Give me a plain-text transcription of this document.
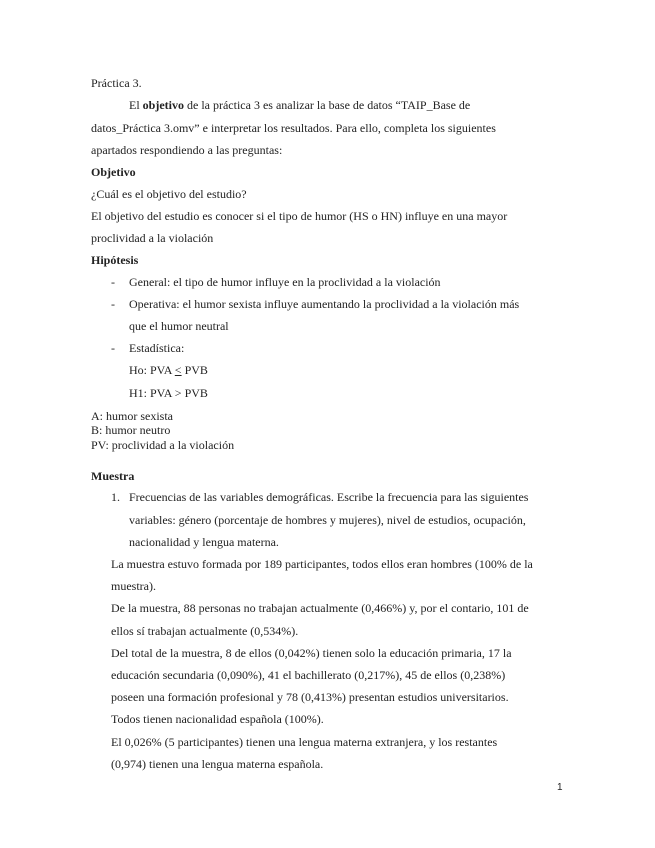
Práctica 3.
El objetivo de la práctica 3 es analizar la base de datos “TAIP_Base de
datos_Práctica 3.omv” e interpretar los resultados. Para ello, completa los siguientes
apartados respondiendo a las preguntas:
Objetivo
¿Cuál es el objetivo del estudio?
El objetivo del estudio es conocer si el tipo de humor (HS o HN) influye en una mayor
proclividad a la violación
Hipótesis
- General: el tipo de humor influye en la proclividad a la violación
- Operativa: el humor sexista influye aumentando la proclividad a la violación más
que el humor neutral
- Estadística:
Ho: PVA < PVB
H1: PVA > PVB
A: humor sexista
B: humor neutro
PV: proclividad a la violación
Muestra
1. Frecuencias de las variables demográficas. Escribe la frecuencia para las siguientes
variables: género (porcentaje de hombres y mujeres), nivel de estudios, ocupación,
nacionalidad y lengua materna.
La muestra estuvo formada por 189 participantes, todos ellos eran hombres (100% de la
muestra).
De la muestra, 88 personas no trabajan actualmente (0,466%) y, por el contario, 101 de
ellos sí trabajan actualmente (0,534%).
Del total de la muestra, 8 de ellos (0,042%) tienen solo la educación primaria, 17 la
educación secundaria (0,090%), 41 el bachillerato (0,217%), 45 de ellos (0,238%)
poseen una formación profesional y 78 (0,413%) presentan estudios universitarios.
Todos tienen nacionalidad española (100%).
El 0,026% (5 participantes) tienen una lengua materna extranjera, y los restantes
(0,974) tienen una lengua materna española.
1
